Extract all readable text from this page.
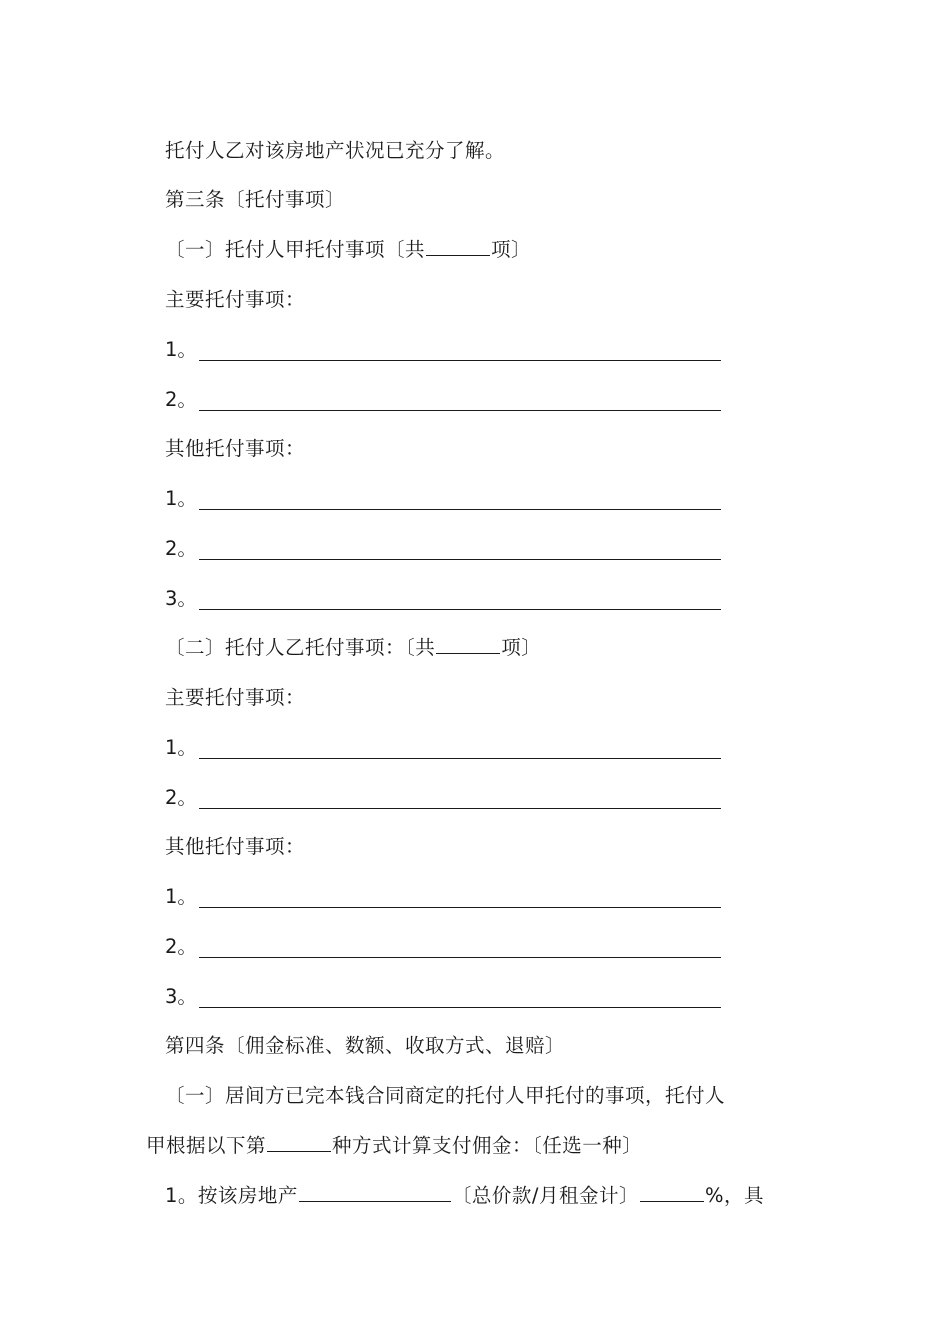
托付人乙对该房地产状况已充分了解。
第三条〔托付事项〕
〔一〕托付人甲托付事项〔共	项〕
主要托付事项：
1。
2。
其他托付事项：
1。
2。
3。
〔二〕托付人乙托付事项：〔共	项〕
主要托付事项：
1。
2。
其他托付事项：
1。
2。
3。
第四条〔佣金标准、数额、收取方式、退赔〕
〔一〕居间方已完本钱合同商定的托付人甲托付的事项，托付人
甲根据以下第	种方式计算支付佣金：〔任选一种〕
1。按该房地产	〔总价款/月租金计〕	%，具
